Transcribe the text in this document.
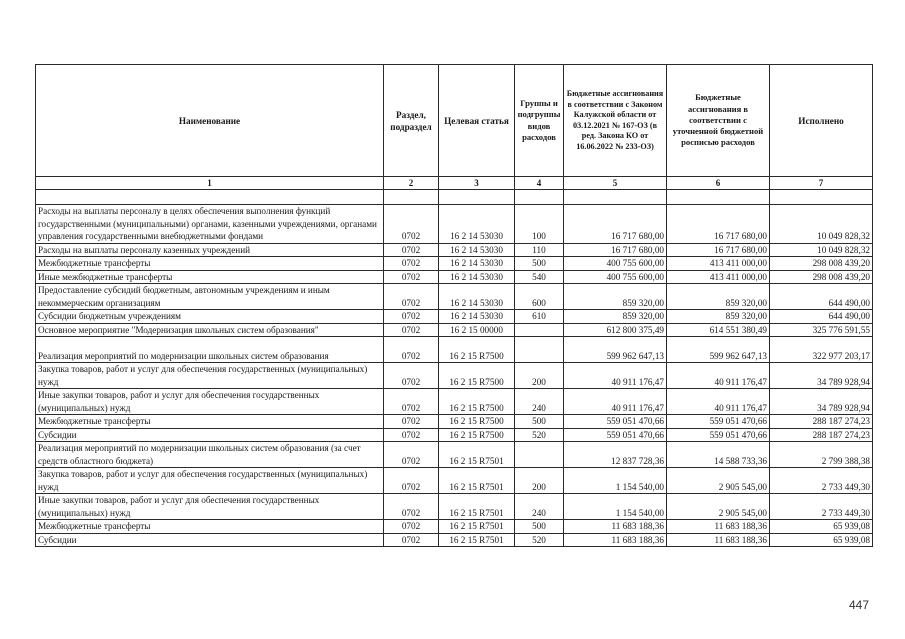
Наименование	Раздел, подраздел	Целевая статья	Группы и подгруппы видов расходов	Бюджетные ассигнования в соответствии с Законом Калужской области от 03.12.2021 № 167-ОЗ (в ред. Закона КО от 16.06.2022 № 233-ОЗ)	Бюджетные ассигнования в соответствии с уточненной бюджетной росписью расходов	Исполнено
1	2	3	4	5	6	7

Расходы на выплаты персоналу в целях обеспечения выполнения функций государственными (муниципальными) органами, казенными учреждениями, органами управления государственными внебюджетными фондами	0702	16 2 14 53030	100	16 717 680,00	16 717 680,00	10 049 828,32
Расходы на выплаты персоналу казенных учреждений	0702	16 2 14 53030	110	16 717 680,00	16 717 680,00	10 049 828,32
Межбюджетные трансферты	0702	16 2 14 53030	500	400 755 600,00	413 411 000,00	298 008 439,20
Иные межбюджетные трансферты	0702	16 2 14 53030	540	400 755 600,00	413 411 000,00	298 008 439,20
Предоставление субсидий бюджетным, автономным учреждениям и иным некоммерческим организациям	0702	16 2 14 53030	600	859 320,00	859 320,00	644 490,00
Субсидии бюджетным учреждениям	0702	16 2 14 53030	610	859 320,00	859 320,00	644 490,00
Основное мероприятие "Модернизация школьных систем образования"	0702	16 2 15 00000		612 800 375,49	614 551 380,49	325 776 591,55
Реализация мероприятий по модернизации школьных систем образования	0702	16 2 15 R7500		599 962 647,13	599 962 647,13	322 977 203,17
Закупка товаров, работ и услуг для обеспечения государственных (муниципальных) нужд	0702	16 2 15 R7500	200	40 911 176,47	40 911 176,47	34 789 928,94
Иные закупки товаров, работ и услуг для обеспечения государственных (муниципальных) нужд	0702	16 2 15 R7500	240	40 911 176,47	40 911 176,47	34 789 928,94
Межбюджетные трансферты	0702	16 2 15 R7500	500	559 051 470,66	559 051 470,66	288 187 274,23
Субсидии	0702	16 2 15 R7500	520	559 051 470,66	559 051 470,66	288 187 274,23
Реализация мероприятий по модернизации школьных систем образования (за счет средств областного бюджета)	0702	16 2 15 R7501		12 837 728,36	14 588 733,36	2 799 388,38
Закупка товаров, работ и услуг для обеспечения государственных (муниципальных) нужд	0702	16 2 15 R7501	200	1 154 540,00	2 905 545,00	2 733 449,30
Иные закупки товаров, работ и услуг для обеспечения государственных (муниципальных) нужд	0702	16 2 15 R7501	240	1 154 540,00	2 905 545,00	2 733 449,30
Межбюджетные трансферты	0702	16 2 15 R7501	500	11 683 188,36	11 683 188,36	65 939,08
Субсидии	0702	16 2 15 R7501	520	11 683 188,36	11 683 188,36	65 939,08
447
